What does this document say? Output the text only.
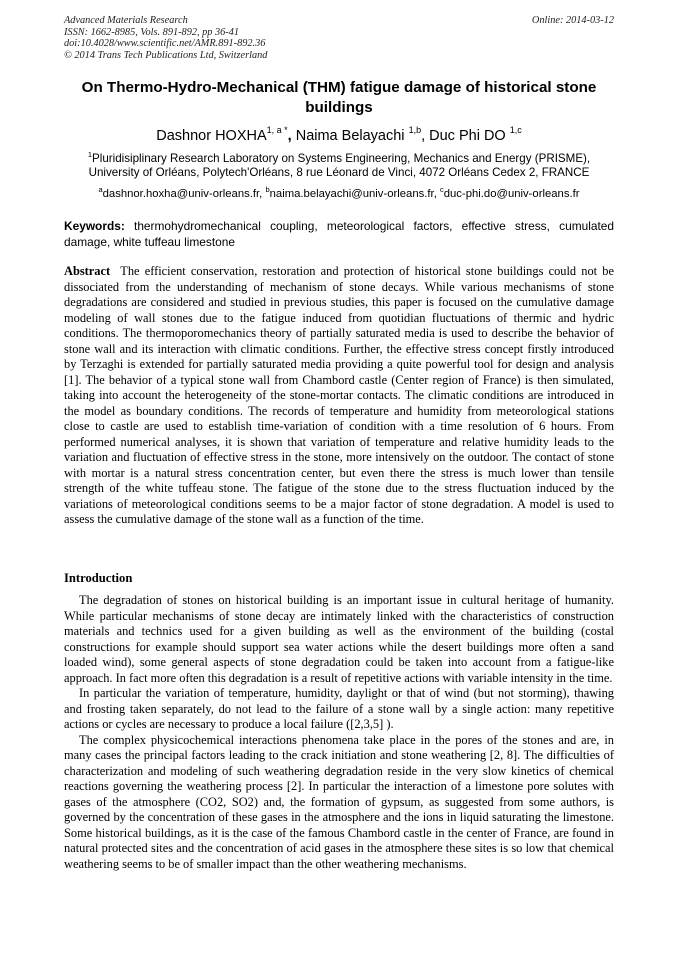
Advanced Materials Research
ISSN: 1662-8985, Vols. 891-892, pp 36-41
doi:10.4028/www.scientific.net/AMR.891-892.36
© 2014 Trans Tech Publications Ltd, Switzerland
Online: 2014-03-12
On Thermo-Hydro-Mechanical (THM) fatigue damage of historical stone buildings
Dashnor $HOXHA^{1, a *}$, Naima Belayachi $^{1,b}$, Duc Phi DO $^{1,c}$
$^1$Pluridisiplinary Research Laboratory on Systems Engineering, Mechanics and Energy (PRISME),
University of Orléans, Polytech'Orléans, 8 rue Léonard de Vinci, 4072 Orléans Cedex 2, FRANCE
$^a$dashnor.hoxha@univ-orleans.fr, $^b$naima.belayachi@univ-orleans.fr, $^c$duc-phi.do@univ-orleans.fr
Keywords: thermohydromechanical coupling, meteorological factors, effective stress, cumulated damage, white tuffeau limestone
Abstract The efficient conservation, restoration and protection of historical stone buildings could not be dissociated from the understanding of mechanism of stone decays. While various mechanisms of stone degradations are considered and studied in previous studies, this paper is focused on the cumulative damage modeling of wall stones due to the fatigue induced from quotidian fluctuations of thermic and hydric conditions. The thermoporomechanics theory of partially saturated media is used to describe the behavior of stone wall and its interaction with climatic conditions. Further, the effective stress concept firstly introduced by Terzaghi is extended for partially saturated media providing a quite powerful tool for design and analysis [1]. The behavior of a typical stone wall from Chambord castle (Center region of France) is then simulated, taking into account the heterogeneity of the stone-mortar contacts. The climatic conditions are introduced in the model as boundary conditions. The records of temperature and humidity from meteorological stations close to castle are used to establish time-variation of condition with a time resolution of 6 hours. From performed numerical analyses, it is shown that variation of temperature and relative humidity leads to the variation and fluctuation of effective stress in the stone, more intensively on the outdoor. The contact of stone with mortar is a natural stress concentration center, but even there the stress is much lower than tensile strength of the white tuffeau stone. The fatigue of the stone due to the stress fluctuation induced by the variations of meteorological conditions seems to be a major factor of stone degradation. A model is used to assess the cumulative damage of the stone wall as a function of the time.
Introduction

The degradation of stones on historical building is an important issue in cultural heritage of humanity. While particular mechanisms of stone decay are intimately linked with the characteristics of construction materials and technics used for a given building as well as the environment of the building (costal constructions for example should support sea water actions while the desert buildings more often a sand loaded wind), some general aspects of stone degradation could be taken into account from a fatigue-like approach. In fact more often this degradation is a result of repetitive actions with variable intensity in the time.

In particular the variation of temperature, humidity, daylight or that of wind (but not storming), thawing and frosting taken separately, do not lead to the failure of a stone wall by a single action: many repetitive actions or cycles are necessary to produce a local failure ([2,3,5] ).

The complex physicochemical interactions phenomena take place in the pores of the stones and are, in many cases the principal factors leading to the crack initiation and stone weathering [2, 8]. The difficulties of characterization and modeling of such weathering degradation reside in the very slow kinetics of chemical reactions governing the weathering process [2]. In particular the interaction of a limestone pore solutes with gases of the atmosphere (CO2, SO2) and, the formation of gypsum, as suggested from some authors, is governed by the concentration of these gases in the atmosphere and the ions in liquid saturating the limestone. Some historical buildings, as it is the case of the famous Chambord castle in the center of France, are found in natural protected sites and the concentration of acid gases in the atmosphere these sites is so low that chemical weathering seems to be of smaller impact than the other weathering mechanisms.
